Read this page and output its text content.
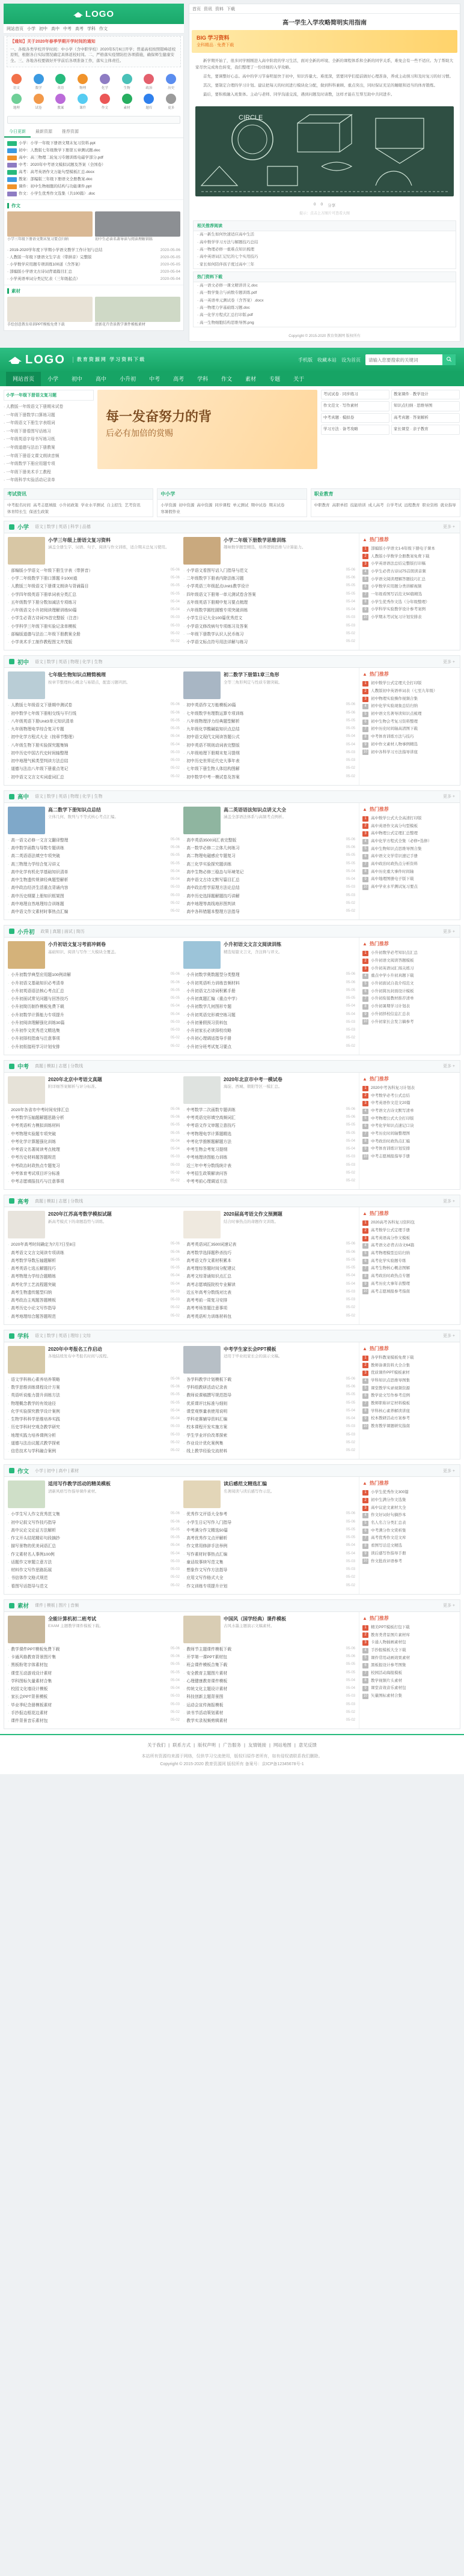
LOGO
网站首页 小学 初中 高中 中考 高考 学科 作文
【通知】关于2020年春季学期开学时间的通知
一、各级各类学校开学时间：中小学（含中职学校）2020年5月6日开学；普通高校按照错峰返校原则，根据各自实际情况确定具体返校时间。二、严格落实疫情防控各项措施，确保师生健康安全。三、各地各校要做好开学前后各项准备工作，落实主体责任。
语文	数学	英语	物理	化学	生物	政治	历史
地理	试卷	教案	课件	作文	素材	题库	更多
今日更新	最新资源	推荐资源
小学：小学一年级下册语文期末复习资料.ppt
初中：人教版七年级数学下册第五章测试题.doc
高中：高三物理二轮复习专题训练电磁学部分.pdf
中考：2020年中考语文模拟试题及答案（全国卷）
高考：高考英语作文万能句型模板汇总.docx
教案：部编版三年级下册语文全册教案.doc
课件：初中生物细胞的结构与功能课件.ppt
作文：小学生优秀作文选集（共100篇）.doc
作文

小学三年级下册语文期末复习要点归纳	初中生必读名著导读与阅读理解训练

· 2019-2020学年度下学期小学语文教学工作计划与总结	2020-05-06
· 人教版一年级下册语文生字表（带拼音）完整版	2020-05-05
· 小学数学应用题专项训练100道（含答案）	2020-05-05
· 部编版小学语文古诗词背诵篇目汇总	2020-05-04
· 小学英语单词分类记忆表（三年级起点）	2020-05-04
素材

手绘创意教育培训PPT模板免费下载	清新花卉背景教学课件模板素材

首页 资讯 资料 下载
高一学生入学攻略简明实用指南
BIG 学习资料
全科精品 · 免费下载

新学期开始了，很多同学刚刚进入高中阶段的学习生活，面对全新的环境、全新的课程体系和全新的同学关系，难免会有一些不适应。为了帮助大家尽快完成角色转变，我们整理了一份详细的入学攻略。

首先，要调整好心态。高中的学习节奏明显快于初中，知识容量大、难度深，需要同学们提前做好心理准备，养成主动预习和及时复习的好习惯。

其次，要制定合理的学习计划。建议把每天的时间进行模块化分配，做到科科兼顾、重点突出，同时保证充足的睡眠和适当的体育锻炼。

最后，要积极融入班集体。主动与老师、同学沟通交流，遇到问题及时请教，这样才能在互帮互助中共同进步。

CIRCLE
0 0 分享
提示：点击上方图片可查看大图
相关推荐阅读
· 高一新生如何快速适应高中生活
· 高中数学学习方法与解题技巧总结
· 高一物理必修一重难点知识梳理
· 高中英语词汇记忆的七个实用技巧
· 家长如何陪伴孩子度过高中三年
热门资料下载
· 高一语文必修一课文精讲讲义.doc
· 高一数学集合与函数专题训练.pdf
· 高一英语单元测试卷（含答案）.docx
· 高一物理力学基础练习题.doc
· 高一化学方程式汇总打印版.pdf
· 高一生物细胞结构思维导图.png
Copyright © 2015-2020 教育资源网 版权所有
LOGO	教育资源网 学习资料下载	手机版 收藏本站 设为首页
请输入您要搜索的关键词
网站首页	小学	初中	高中	小升初	中考	高考	学科	作文	素材	专题	关于
小学一年级下册语文复习题
· 人教版一年级语文下册期末试卷
· 一年级下册数学口算练习题
· 一年级语文下册生字表组词
· 一年级下册看图写话练习
· 一年级英语字母书写练习纸
· 一年级道德与法治下册教案
· 一年级下册语文课文朗读音频
· 一年级数学下册应用题专项
· 一年级下册美术手工教程
· 一年级科学实验活动记录单
每一发奋努力的背
后必有加倍的赏赐
考试试卷 · 同步练习	教案课件 · 教学设计
作文范文 · 写作素材	知识点归纳 · 思维导图
中考真题 · 模拟卷	高考真题 · 答案解析
学习方法 · 备考攻略	家长课堂 · 亲子教育
考试资讯
中考报名时间 高考志愿填报 小升初政策 学业水平测试 自主招生 艺考资讯
体育特长生 保送生政策
中小学
小学资源 初中资源 高中资源 同步课程 单元测试 期中试卷 期末试卷
寒暑假作业
职业教育
中职教育 高职单招 技能培训 成人高考 自学考试 远程教育 职业资格 就业指导
小学 语文 | 数学 | 英语 | 科学 | 品德	更多 +
小学三年级上册语文复习资料

涵盖全册生字、词语、句子、阅读与作文训练，适合期末总复习使用。

· 部编版小学语文一年级下册生字表（带拼音）	05-06
· 小学二年级数学下册口算题卡1000道	05-06
· 人教版三年级语文下册课文朗读与背诵篇目	05-05
· 小学四年级英语下册单词表分类汇总	05-05
· 五年级数学下册分数加减法专项练习	05-04
· 六年级语文小升初阅读理解训练50篇	05-04
· 小学生必背古诗词75首完整版（注音）	05-03
· 小学科学三年级下册实验记录单模板	05-03
· 部编版道德与法治二年级下册教案全册	05-02
· 小学美术手工制作教程图文并茂版	05-02
小学二年级下册数学思维训练

趣味数学题型精选，培养逻辑思维与计算能力。

· 小学语文看图写话入门指导与范文	05-06
· 二年级数学下册表内除法练习题	05-06
· 小学英语三年级起点Unit1教学设计	05-05
· 四年级语文下册第一单元测试卷含答案	05-05
· 五年级英语下册期中复习要点梳理	05-04
· 六年级数学圆柱圆锥专项突破训练	05-04
· 小学生日记大全100篇优秀范文	05-03
· 小学语文修改病句专项练习及答案	05-03
· 一年级下册数学认识人民币练习	05-02
· 小学语文标点符号用法详解与练习	05-02
▲ 热门推荐
1	部编版小学语文1-6年级下册电子课本
2	人教版小学数学全册教案免费下载
3	小学英语语法总结完整版打印稿
4	小学生必背古诗词75首朗读音频
5	小学语文阅读理解答题技巧汇总
6	小学数学应用题分类讲解视频
7	一年级看图写话范文50篇精选
8	小学生优秀作文选（分年级整理）
9	小学科学实验教学设计参考案例
10 小学期末考试复习计划安排表
初中 语文 | 数学 | 英语 | 物理 | 化学 | 生物	更多 +
七年级生物知识点精简梳理

按章节整理核心概念与易错点，配套习题巩固。

· 人教版七年级语文下册期中测试卷	05-06
· 初中数学七年级下册相交线与平行线	05-06
· 八年级英语下册Unit3单元知识清单	05-05
· 九年级物理电学综合复习专题	05-05
· 初中化学方程式大全（按章节整理）	05-04
· 八年级生物下册实验探究题集锦	05-04
· 初中历史中国古代史时间轴整理	05-03
· 初中地理气候类型判读方法总结	05-03
· 道德与法治八年级下册重点笔记	05-02
· 初中语文文言文实词虚词汇总	05-02
初二数学下册第1章三角形

全等三角形判定与性质专题突破。

· 初中英语作文万能模板20篇	05-06
· 七年级数学有理数运算专项训练	05-06
· 八年级物理浮力经典题型解析	05-05
· 九年级化学酸碱盐知识点总结	05-05
· 初中语文现代文阅读答题公式	05-04
· 初中英语不规则动词表完整版	05-04
· 八年级地理下册期末复习提纲	05-03
· 初中历史世界近代史大事年表	05-03
· 七年级下册生物人体结构图解	05-02
· 初中数学中考一模试卷及答案	05-02
▲ 热门推荐
1	初中数学公式定理大全打印版
2	人教版初中英语单词表（七至九年级）
3	初中物理实验操作视频合集
4	初中化学实验现象总结归纳
5	初中语文名著导读知识点梳理
6	初中生物会考复习资料整理
7	初中历史时间轴高清图下载
8	中考体育训练方法与技巧
9	初中作文素材人物事例精选
10 初中各科学习方法指导讲座
高中 语文 | 数学 | 英语 | 物理 | 化学 | 生物	更多 +
高二数学下册知识点总结

立体几何、数列与不等式核心考点汇编。

· 高一语文必修一文言文翻译整理	05-06
· 高中数学函数与导数专题训练	05-06
· 高二英语语法填空专项突破	05-05
· 高三物理力学综合复习讲义	05-05
· 高中化学有机化学基础知识清单	05-04
· 高中生物遗传规律经典题型解析	05-04
· 高中政治经济生活重点背诵内容	05-03
· 高中历史纲要上册知识框架图	05-03
· 高中地理自然地理综合训练题	05-02
· 高中语文作文素材时事热点汇编	05-02
高二英语语法知识点讲义大全

涵盖全部语法体系与高频考点例析。

· 高中英语3500词汇表完整版	05-06
· 高一数学必修二立体几何练习	05-06
· 高二物理电磁感应专题复习	05-05
· 高三化学实验探究题训练	05-05
· 高中生物必修三稳态与环境笔记	05-04
· 高中语文古诗文默写篇目汇总	05-04
· 高中政治哲学原理方法论总结	05-03
· 高中历史选择题解题技巧讲解	05-03
· 高中地理等高线地形图判读	05-02
· 高中各科错题本整理方法指导	05-02
▲ 热门推荐
1	高中数学公式大全高清打印版
2	高中英语作文高分句型模板
3	高中物理公式定理汇总整理
4	高中化学方程式全集（必修+选修）
5	高中生物知识点思维导图合集
6	高中语文文学常识速记手册
7	高中政治时政热点分析资料
8	高中历史重大事件时间轴
9	高中地理图册电子版下载
10 高中学业水平测试复习要点
小升初 政策 | 真题 | 面试 | 简历	更多 +
小升初语文复习考前冲刺卷

基础知识、阅读与写作三大模块全覆盖。

· 小升初数学典型应用题100例讲解	05-06
· 小升初语文基础知识必考清单	05-06
· 小升初英语语法核心考点汇总	05-05
· 小升初面试常见问题与回答技巧	05-05
· 小升初简历制作模板免费下载	05-04
· 小升初数学计算能力专项提升	05-04
· 小升初阅读理解强化训练30篇	05-03
· 小升初作文优秀范文精选集	05-03
· 小升初择校指南与注意事项	05-02
· 小升初衔接班学习计划安排	05-02
小升初语文文言文阅读训练

精选短篇文言文，含注释与译文。

· 小升初数学奥数题型分类整理	05-06
· 小升初英语听力训练音频材料	05-06
· 小升初语文古诗词积累手册	05-05
· 小升初真题汇编（重点中学）	05-05
· 小升初数学几何图形专题	05-04
· 小升初英语完形填空练习题	05-04
· 小升初暑假预习资料包	05-03
· 小升初家长必读择校攻略	05-03
· 小升初心理调适指导手册	05-02
· 小升初分班考试复习要点	05-02
▲ 热门推荐
1	小升初数学必考知识点汇总
2	小升初语文阅读答题模板
3	小升初英语词汇闯关练习
4	重点中学小升初真题下载
5	小升初面试自我介绍范文
6	小升初简历封面设计模板
7	小升初衔接教材推荐清单
8	小升初暑期学习计划表
9	小升初择校信息汇总表
10 小升初家长会发言稿参考
中考 真题 | 模拟 | 志愿 | 分数线	更多 +
2020年北京中考语文真题

附详细答案解析与评分标准。

· 2020年各省市中考时间安排汇总	05-06
· 中考数学压轴题解题思路分析	05-06
· 中考英语听力模拟训练材料	05-05
· 中考物理实验题专项突破	05-05
· 中考化学计算题强化训练	05-04
· 中考语文名著阅读考点梳理	05-04
· 中考历史材料题答题规范	05-03
· 中考政治时政热点专题复习	05-03
· 中考体育考试项目评分标准	05-02
· 中考志愿填报技巧与注意事项	05-02
2020年北京市中考一模试卷

海淀、西城、朝阳等区一模汇总。

· 中考数学二次函数专题训练	05-06
· 中考英语完形填空高频词汇	05-06
· 中考语文作文审题立意技巧	05-05
· 中考物理电学计算题精选	05-05
· 中考化学推断题解题方法	05-04
· 中考生物会考复习提纲	05-04
· 中考地理读图能力训练	05-03
· 近三年中考分数线统计表	05-03
· 中考招生政策解读问答	05-02
· 中考考前心理调适方法	05-02
▲ 热门推荐
1	2020中考各科复习计划表
2	中考数学必考公式总结
3	中考英语作文范文20篇
4	中考语文古诗文默写清单
5	中考物理公式大全打印版
6	中考化学知识点速记口诀
7	中考历史时间轴整理图
8	中考政治时政热点汇编
9	中考体育训练计划安排
10 中考志愿填报指导手册
高考 真题 | 模拟 | 志愿 | 分数线	更多 +
2020年江苏高考数学模拟试题

新高考模式下的命题趋势与训练。

· 2020年高考时间确定为7月7日至8日	05-06
· 高考语文文言文阅读专项训练	05-06
· 高考数学导数压轴题解析	05-05
· 高考英语七选五解题技巧	05-05
· 高考物理力学综合题精练	05-04
· 高考化学工艺流程题突破	05-04
· 高考生物遗传题型归纳	05-03
· 高考政治主观题答题模板	05-03
· 高考历史小论文写作指导	05-02
· 高考地理综合题答题规范	05-02
2020届高考语文作文预测题

结合时事热点的命题作文训练。

· 高考英语词汇3500词速记表	05-06
· 高考数学选择题秒杀技巧	05-06
· 高考语文作文素材积累本	05-05
· 高考理综答题时间分配建议	05-05
· 高考文综背诵知识点汇总	05-04
· 高考志愿填报院校专业解读	05-04
· 近五年高考分数线对比表	05-03
· 高考考前一周复习安排	05-03
· 高考考场答题注意事项	05-02
· 高考英语听力训练材料包	05-02
▲ 热门推荐
1	2020高考各科复习资料包
2	高考数学公式定理手册
3	高考英语高分作文模板
4	高考语文必背古诗文64篇
5	高考物理模型总结归纳
6	高考化学实验题专练
7	高考生物核心概念图解
8	高考政治时政热点专题
9	高考历史大事年表整理
10 高考志愿填报参考指南
学科 语文 | 数学 | 英语 | 理综 | 文综	更多 +
2020年中考报名工作启动

各地陆续发布中考报名时间与流程。

· 语文学科核心素养培养策略	05-06
· 数学思维训练课程设计方案	05-06
· 英语听说能力提升训练方法	05-05
· 物理概念教学的有效途径	05-05
· 化学实验探究教学设计案例	05-04
· 生物学科科学思维培养实践	05-04
· 历史学科时空观念教学研究	05-03
· 地理实践力培养课例分析	05-03
· 道德与法治议题式教学探索	05-02
· 信息技术与学科融合案例	05-02
中考学生家长会PPT模板

适用于毕业班家长会的演示文稿。

· 各学科教学计划模板下载	05-06
· 学科组教研活动记录表	05-06
· 教师说课稿撰写规范指导	05-05
· 优质课评比标准与细则	05-05
· 课堂观察量表使用说明	05-04
· 学科竞赛辅导资料汇编	05-04
· 校本课程开发实施方案	05-03
· 学生学业评价改革探索	05-03
· 作业设计优化案例集	05-02
· 线上教学经验交流材料	05-02
▲ 热门推荐
1	各学科教案模板免费下载
2	教师备课资料大全合集
3	优质课件PPT模板素材
4	学科知识点思维导图集
5	课堂教学实录视频资源
6	教学论文写作参考范例
7	教师职称评定材料模板
8	学科核心素养解读讲座
9	校本教研活动方案参考
10 教育教学课题研究指南
作文 小学 | 初中 | 高中 | 素材	更多 +
适用写作教学活动的精美模板

清新风格写作指导课件素材。

· 小学生写人作文优秀范文集	05-06
· 初中记叙文写作技巧指导	05-06
· 高中议论文论证方法解析	05-05
· 作文开头结尾精彩句段摘抄	05-05
· 描写景物的优美词语汇总	05-04
· 作文素材名人事例100例	05-04
· 话题作文审题立意方法	05-03
· 材料作文写作思路拓展	05-03
· 书信体作文格式规范	05-02
· 看图写话指导与范文	05-02
读后感范文精选汇编

名著阅读与读后感写作示范。

· 优秀作文评语大全参考	05-06
· 小学生日记写作入门指导	05-06
· 中考满分作文精选50篇	05-05
· 高考优秀作文点评解析	05-05
· 作文常用修辞手法举例	05-04
· 写作素材时事热点汇编	05-04
· 童话故事续写范文集	05-03
· 想象作文写作方法指导	05-03
· 应用文写作格式大全	05-02
· 作文训练专项提升计划	05-02
▲ 热门推荐
1	小学生优秀作文300篇
2	初中生满分作文选集
3	高中议论文素材大全
4	作文好词好句摘抄本
5	名人名言分类汇总表
6	中考满分作文赏析集
7	高考优秀作文范文库
8	看图写话范文精选
9	读后感写作指导手册
10 作文批改评语参考
素材 课件 | 模板 | 图片 | 音频	更多 +
全能计算机初二班考试

EXAM 主题教学课件模板下载。

· 教学课件PPT模板免费下载	05-06
· 卡通风格教育背景图片集	05-06
· 黑板粉笔字体素材包	05-05
· 课堂互动游戏设计素材	05-05
· 学科图标矢量素材合集	05-04
· 校园文化墙设计模板	05-04
· 家长会PPT背景模板	05-03
· 毕业季纪念册模板素材	05-03
· 手抄报边框花边素材	05-02
· 课件背景音乐素材包	05-02
中国风（国学经典）课件模板

古风水墨主题演示文稿素材。

· 教师节主题课件模板下载	05-06
· 开学第一课PPT素材包	05-06
· 班会课件模板合集下载	05-05
· 安全教育主题图片素材	05-05
· 心理健康教育课件模板	05-04
· 传统文化主题设计素材	05-04
· 科技创新主题背景图	05-03
· 运动会宣传海报模板	05-03
· 读书节活动策划素材	05-02
· 教学实录视频剪辑素材	05-02
▲ 热门推荐
1	精美PPT模板打包下载
2	教育类背景图片素材库
3	卡通人物插画素材包
4	手抄报模板大全下载
5	课件常用动画效果素材
6	黑板报设计参考图集
7	校园活动海报模板
8	教学视频片头素材
9	课堂音效音乐素材包
10 矢量图标素材合集
关于我们 | 联系方式 | 版权声明 | 广告服务 | 友情链接 | 网站地图 | 意见反馈
本站所有资源均来源于网络，仅供学习交流使用，版权归原作者所有，如有侵权请联系我们删除。
Copyright © 2015-2020 教育资源网 版权所有 备案号：京ICP备12345678号-1
